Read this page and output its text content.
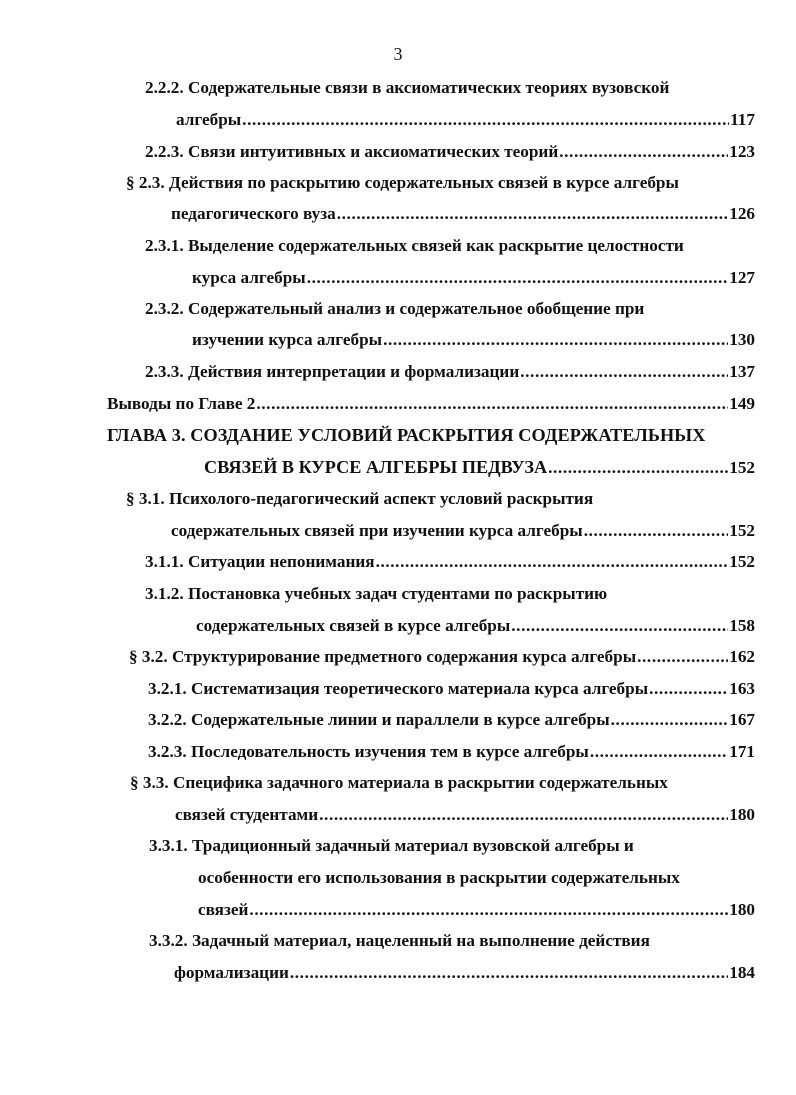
3
2.2.2. Содержательные связи в аксиоматических теориях вузовской
алгебры .....	117
2.2.3. Связи интуитивных и аксиоматических теорий .....	123
§ 2.3. Действия по раскрытию содержательных связей в курсе алгебры
педагогического вуза .....	126
2.3.1. Выделение содержательных связей как раскрытие целостности
курса алгебры .....	127
2.3.2. Содержательный анализ и содержательное обобщение при
изучении курса алгебры .....	130
2.3.3. Действия интерпретации и формализации .....	137
Выводы по Главе 2 .....	149
ГЛАВА 3. СОЗДАНИЕ УСЛОВИЙ РАСКРЫТИЯ СОДЕРЖАТЕЛЬНЫХ
СВЯЗЕЙ В КУРСЕ АЛГЕБРЫ ПЕДВУЗА .....	152
§ 3.1. Психолого-педагогический аспект условий раскрытия
содержательных связей при изучении курса алгебры .....	152
3.1.1. Ситуации непонимания .....	152
3.1.2. Постановка учебных задач студентами по раскрытию
содержательных связей в курсе алгебры .....	158
§ 3.2. Структурирование предметного содержания курса алгебры .....	162
3.2.1. Систематизация теоретического материала курса алгебры .....	163
3.2.2. Содержательные линии и параллели в курсе алгебры .....	167
3.2.3. Последовательность изучения тем в курсе алгебры .....	171
§ 3.3. Специфика задачного материала в раскрытии содержательных
связей студентами .....	180
3.3.1. Традиционный задачный материал вузовской алгебры и
особенности его использования в раскрытии содержательных
связей .....	180
3.3.2. Задачный материал, нацеленный на выполнение действия
формализации .....	184
